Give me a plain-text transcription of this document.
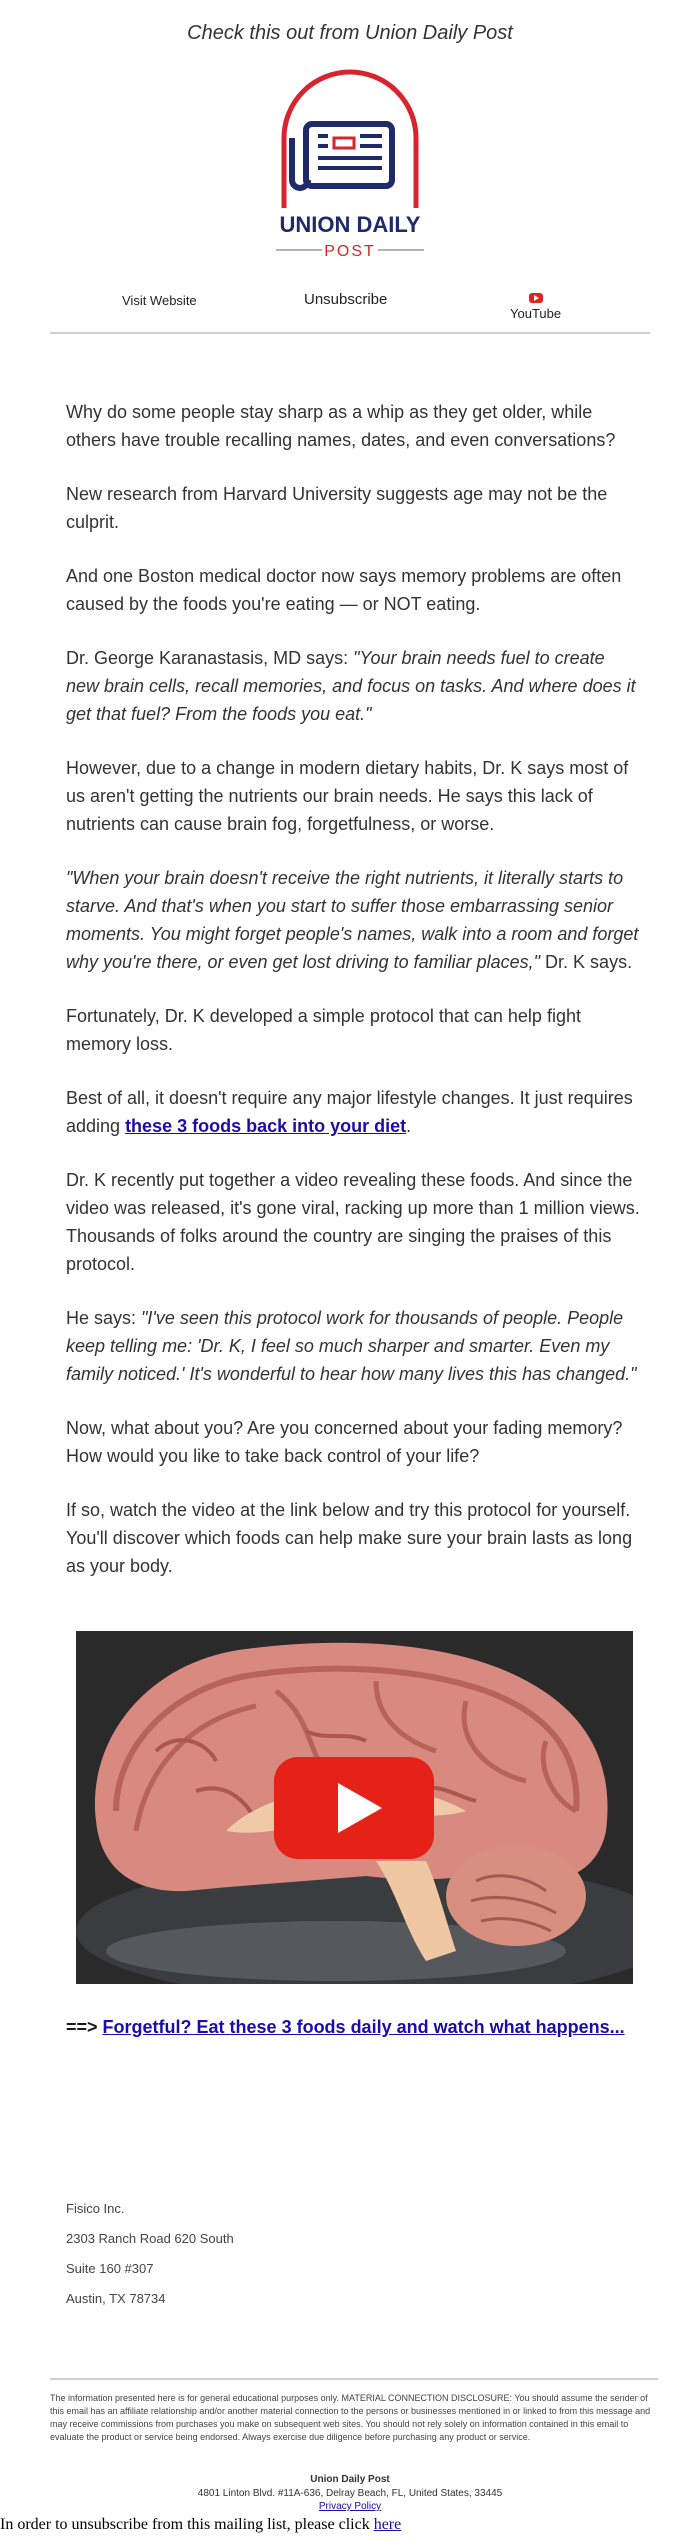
Check this out from Union Daily Post
UNION DAILY
POST
Visit Website	Unsubscribe
YouTube

Why do some people stay sharp as a whip as they get older, while others have trouble recalling names, dates, and even conversations?

New research from Harvard University suggests age may not be the culprit.

And one Boston medical doctor now says memory problems are often caused by the foods you're eating — or NOT eating.

Dr. George Karanastasis, MD says: "Your brain needs fuel to create new brain cells, recall memories, and focus on tasks. And where does it get that fuel? From the foods you eat."

However, due to a change in modern dietary habits, Dr. K says most of us aren't getting the nutrients our brain needs. He says this lack of nutrients can cause brain fog, forgetfulness, or worse.

"When your brain doesn't receive the right nutrients, it literally starts to starve. And that's when you start to suffer those embarrassing senior moments. You might forget people's names, walk into a room and forget why you're there, or even get lost driving to familiar places," Dr. K says.

Fortunately, Dr. K developed a simple protocol that can help fight memory loss.

Best of all, it doesn't require any major lifestyle changes. It just requires adding these 3 foods back into your diet.

Dr. K recently put together a video revealing these foods. And since the video was released, it's gone viral, racking up more than 1 million views. Thousands of folks around the country are singing the praises of this protocol.

He says: "I've seen this protocol work for thousands of people. People keep telling me: 'Dr. K, I feel so much sharper and smarter. Even my family noticed.' It's wonderful to hear how many lives this has changed."

Now, what about you? Are you concerned about your fading memory? How would you like to take back control of your life?

If so, watch the video at the link below and try this protocol for yourself. You'll discover which foods can help make sure your brain lasts as long as your body.

==> Forgetful? Eat these 3 foods daily and watch what happens...
Fisico Inc.
2303 Ranch Road 620 South
Suite 160 #307
Austin, TX 78734
The information presented here is for general educational purposes only. MATERIAL CONNECTION DISCLOSURE: You should assume the sender of this email has an affiliate relationship and/or another material connection to the persons or businesses mentioned in or linked to from this message and may receive commissions from purchases you make on subsequent web sites. You should not rely solely on information contained in this email to evaluate the product or service being endorsed. Always exercise due diligence before purchasing any product or service.
Union Daily Post
4801 Linton Blvd. #11A-636, Delray Beach, FL, United States, 33445
Privacy Policy
In order to unsubscribe from this mailing list, please click here
